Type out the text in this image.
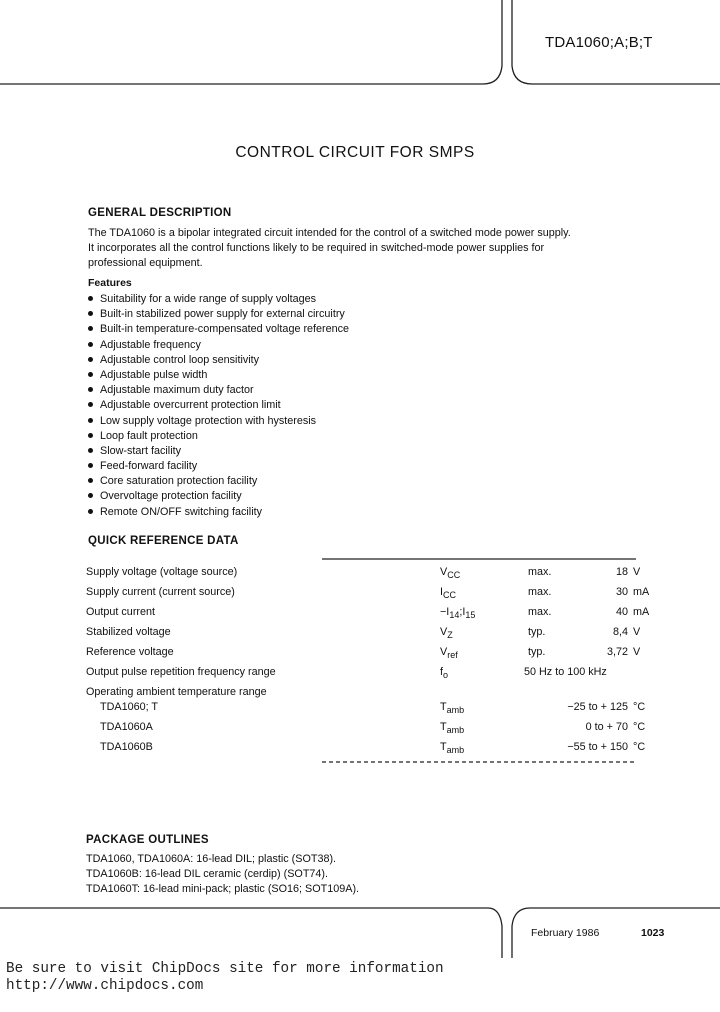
TDA1060;A;B;T
CONTROL CIRCUIT FOR SMPS
GENERAL DESCRIPTION
The TDA1060 is a bipolar integrated circuit intended for the control of a switched mode power supply.
It incorporates all the control functions likely to be required in switched-mode power supplies for
professional equipment.
Features
Suitability for a wide range of supply voltages
Built-in stabilized power supply for external circuitry
Built-in temperature-compensated voltage reference
Adjustable frequency
Adjustable control loop sensitivity
Adjustable pulse width
Adjustable maximum duty factor
Adjustable overcurrent protection limit
Low supply voltage protection with hysteresis
Loop fault protection
Slow-start facility
Feed-forward facility
Core saturation protection facility
Overvoltage protection facility
Remote ON/OFF switching facility
QUICK REFERENCE DATA
Supply voltage (voltage source)	$V_{CC}$	max.	18 V
Supply current (current source)	$I_{CC}$	max.	30 mA
Output current	$-I_{14};I_{15}$	max.	40 mA
Stabilized voltage	$V_Z$	typ.	8,4 V
Reference voltage	$V_{ref}$	typ.	3,72 V
Output pulse repetition frequency range	$f_o$	50 Hz to 100 kHz
Operating ambient temperature range
TDA1060; T	$T_{amb}$	−25 to + 125 °C
TDA1060A	$T_{amb}$	0 to + 70 °C
TDA1060B	$T_{amb}$	−55 to + 150 °C
PACKAGE OUTLINES
TDA1060, TDA1060A: 16-lead DIL; plastic (SOT38).
TDA1060B: 16-lead DIL ceramic (cerdip) (SOT74).
TDA1060T: 16-lead mini-pack; plastic (SO16; SOT109A).
February 1986	1023
Be sure to visit ChipDocs site for more information
http://www.chipdocs.com
